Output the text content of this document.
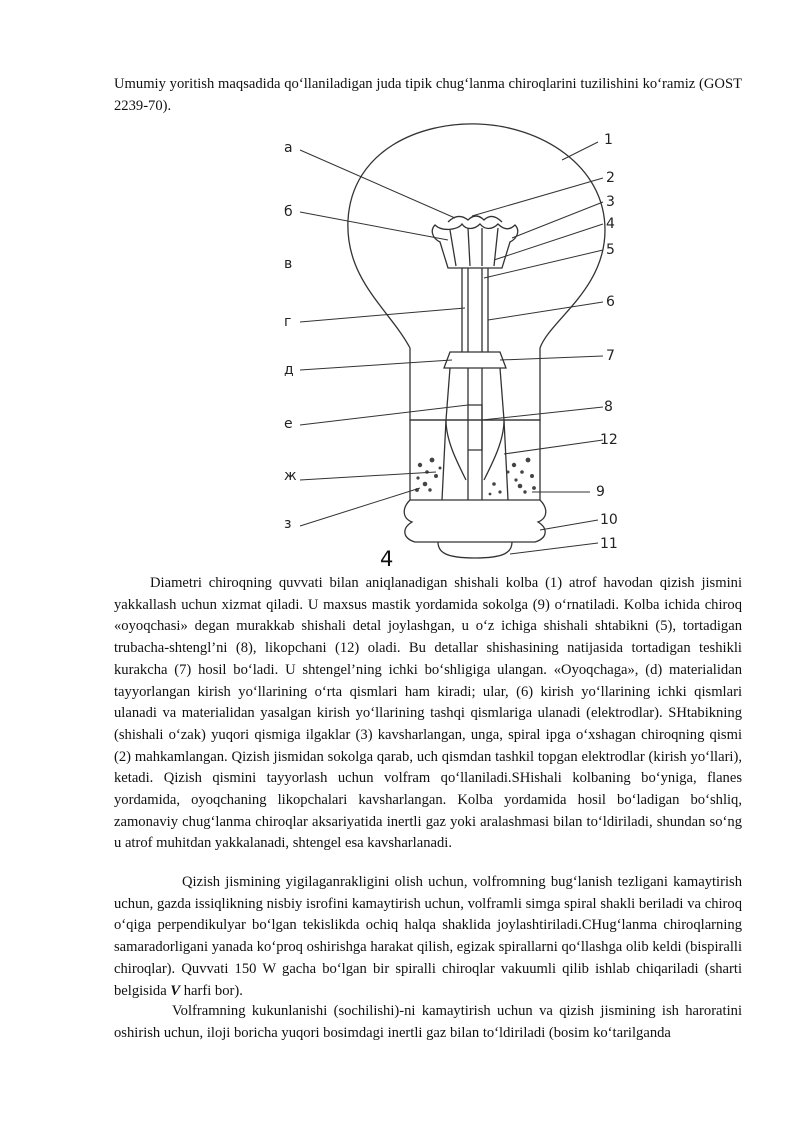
Umumiy yoritish maqsadida qo‘llaniladigan juda tipik chug‘lanma chiroqlarini tuzilishini ko‘ramiz (GOST 2239-70).

а
б
в
г
д
е
ж
з
1
2
3
4
5
6
7
8
12
9
10
11
4

Diametri chiroqning quvvati bilan aniqlanadigan shishali kolba (1) atrof havodan qizish jismini yakkallash uchun xizmat qiladi. U maxsus mastik yordamida sokolga (9) o‘rnatiladi. Kolba ichida chiroq «oyoqchasi» degan murakkab shishali detal joylashgan, u o‘z ichiga shishali shtabikni (5), tortadigan trubacha-shtengl’ni (8), likopchani (12) oladi. Bu detallar shishasining natijasida tortadigan teshikli kurakcha (7) hosil bo‘ladi. U shtengel’ning ichki bo‘shligiga ulangan. «Oyoqchaga», (d) materialidan tayyorlangan kirish yo‘llarining o‘rta qismlari ham kiradi; ular, (6) kirish yo‘llarining ichki qismlari ulanadi va materialidan yasalgan kirish yo‘llarining tashqi qismlariga ulanadi (elektrodlar). SHtabikning (shishali o‘zak) yuqori qismiga ilgaklar (3) kavsharlangan, unga, spiral ipga o‘xshagan chiroqning qismi (2) mahkamlangan. Qizish jismidan sokolga qarab, uch qismdan tashkil topgan elektrodlar (kirish yo‘llari), ketadi. Qizish qismini tayyorlash uchun volfram qo‘llaniladi.SHishali kolbaning bo‘yniga, flanes yordamida, oyoqchaning likopchalari kavsharlangan. Kolba yordamida hosil bo‘ladigan bo‘shliq, zamonaviy chug‘lanma chiroqlar aksariyatida inertli gaz yoki aralashmasi bilan to‘ldiriladi, shundan so‘ng u atrof muhitdan yakkalanadi, shtengel esa kavsharlanadi.

Qizish jismining yigilaganrakligini olish uchun, volfromning bug‘lanish tezligani kamaytirish uchun, gazda issiqlikning nisbiy isrofini kamaytirish uchun, volframli simga spiral shakli beriladi va chiroq o‘qiga perpendikulyar bo‘lgan tekislikda ochiq halqa shaklida joylashtiriladi.CHug‘lanma chiroqlarning samaradorligani yanada ko‘proq oshirishga harakat qilish, egizak spirallarni qo‘llashga olib keldi (bispiralli chiroqlar). Quvvati 150 W gacha bo‘lgan bir spiralli chiroqlar vakuumli qilib ishlab chiqariladi (sharti belgisida V harfi bor).

Volframning kukunlanishi (sochilishi)-ni kamaytirish uchun va qizish jismining ish haroratini oshirish uchun, iloji boricha yuqori bosimdagi inertli gaz bilan to‘ldiriladi (bosim ko‘tarilganda
